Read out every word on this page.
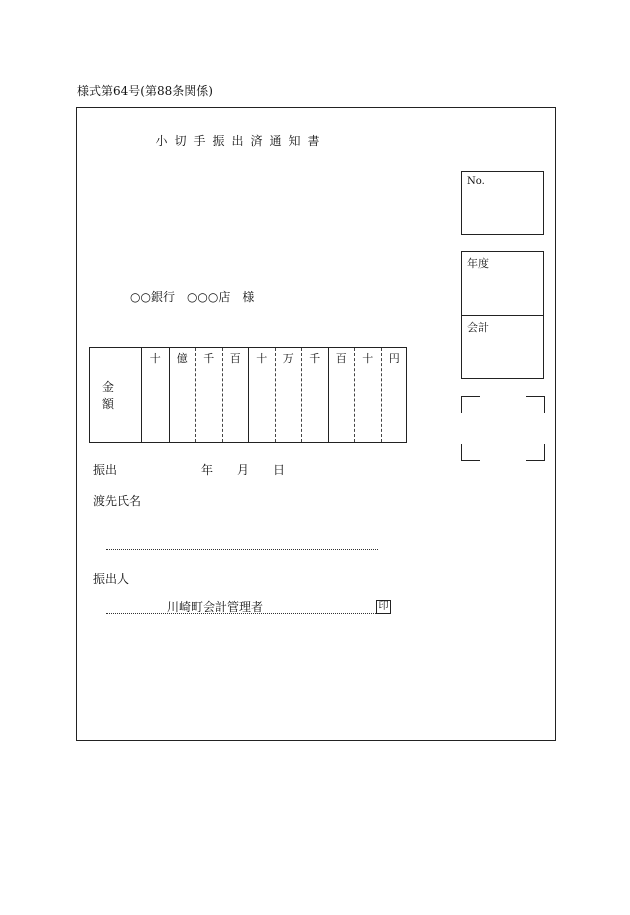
様式第64号(第88条関係)
小切手振出済通知書
No.
年度
会計
○○銀行　○○○店　様
金額
十	億	千	百	十	万	千	百	十	円
振出	年 月 日
渡先氏名
振出人
川崎町会計管理者	印
